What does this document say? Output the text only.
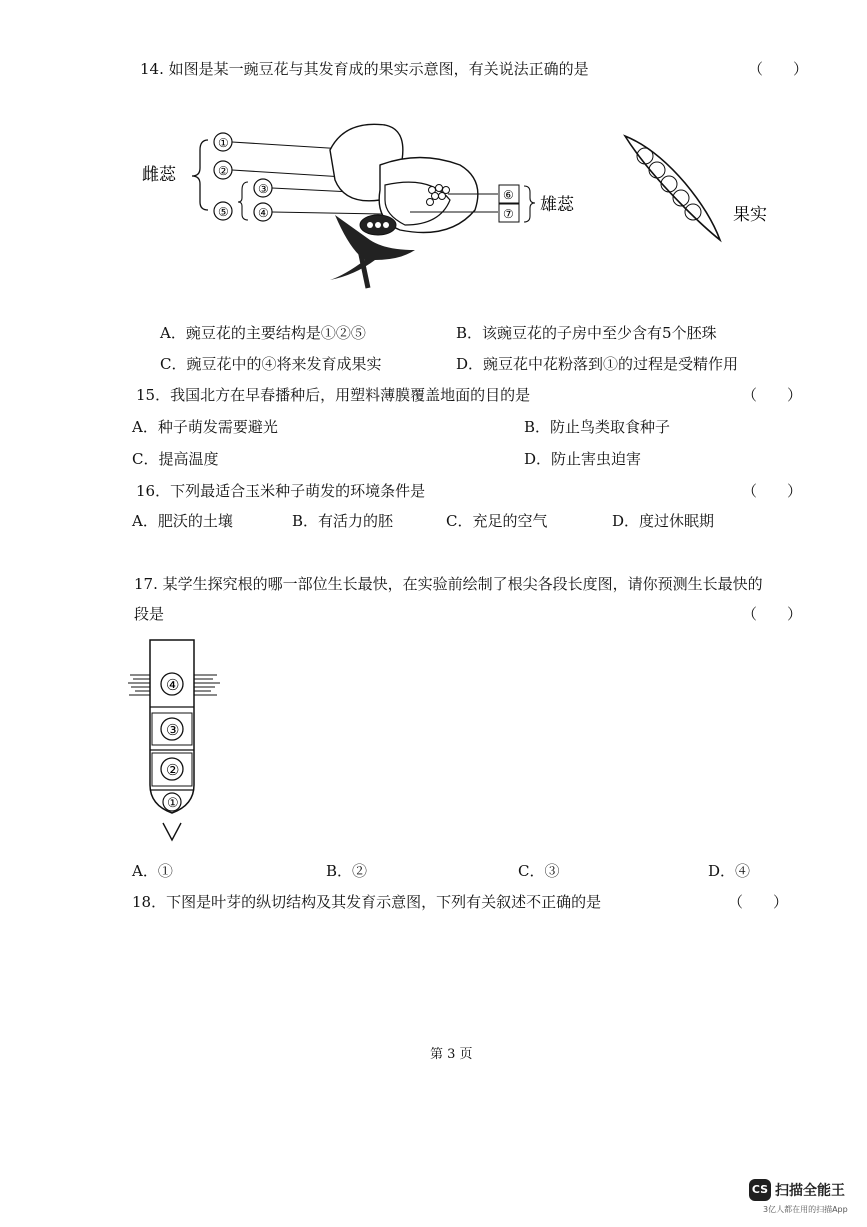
14. 如图是某一豌豆花与其发育成的果实示意图，有关说法正确的是	（　　）
雌蕊
①
②
③
④
⑤
⑥
⑦ 雄蕊	果实
A．豌豆花的主要结构是①②⑤	B．该豌豆花的子房中至少含有5个胚珠
C．豌豆花中的④将来发育成果实	D．豌豆花中花粉落到①的过程是受精作用
15．我国北方在早春播种后，用塑料薄膜覆盖地面的目的是	（　　）
A．种子萌发需要避光	B．防止鸟类取食种子
C．提高温度	D．防止害虫迫害
16．下列最适合玉米种子萌发的环境条件是	（　　）
A．肥沃的土壤	B．有活力的胚	C．充足的空气	D．度过休眠期
17. 某学生探究根的哪一部位生长最快，在实验前绘制了根尖各段长度图，请你预测生长最快的
段是	（　　）
④
③
②
①
A．①	B．②	C．③	D．④
18．下图是叶芽的纵切结构及其发育示意图，下列有关叙述不正确的是	（　　）
第 3 页
CS 扫描全能王
3亿人都在用的扫描App
